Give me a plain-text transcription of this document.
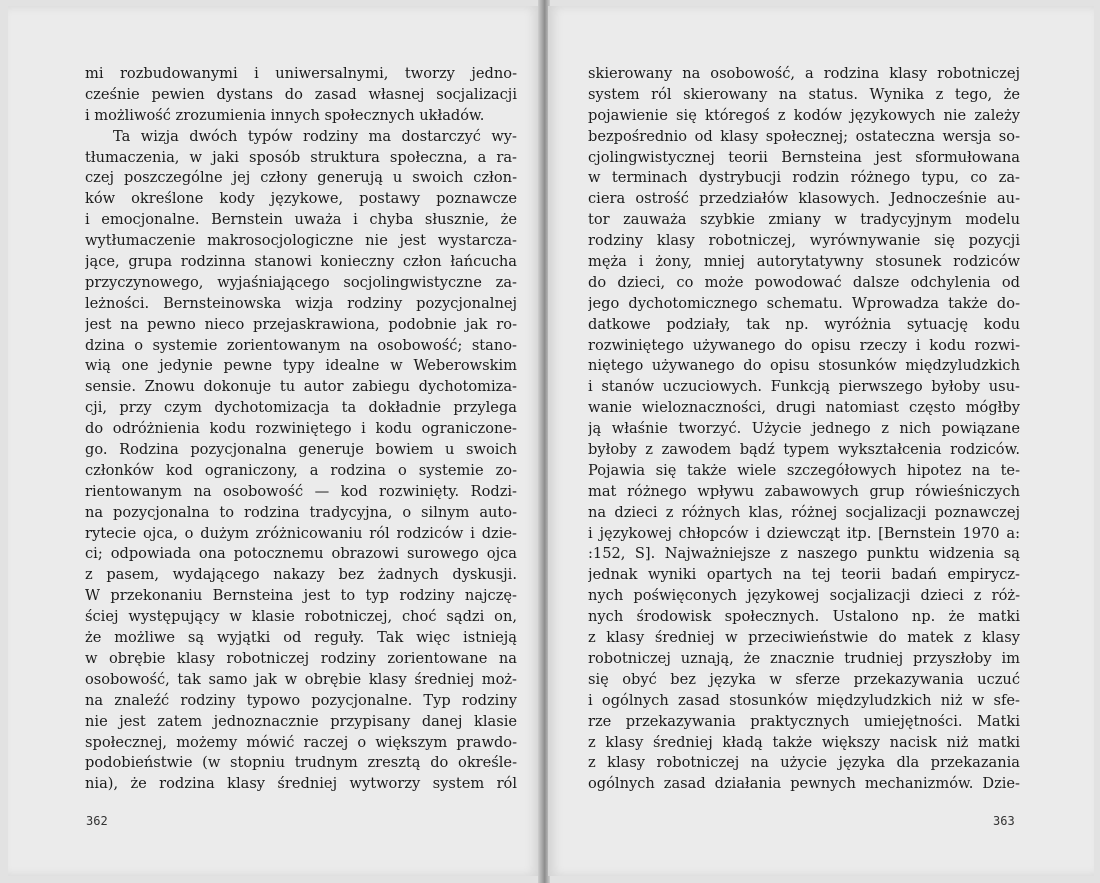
mi rozbudowanymi i uniwersalnymi, tworzy jedno-
cześnie pewien dystans do zasad własnej socjalizacji
i możliwość zrozumienia innych społecznych układów.
Ta wizja dwóch typów rodziny ma dostarczyć wy-
tłumaczenia, w jaki sposób struktura społeczna, a ra-
czej poszczególne jej człony generują u swoich człon-
ków określone kody językowe, postawy poznawcze
i emocjonalne. Bernstein uważa i chyba słusznie, że
wytłumaczenie makrosocjologiczne nie jest wystarcza-
jące, grupa rodzinna stanowi konieczny człon łańcucha
przyczynowego, wyjaśniającego socjolingwistyczne za-
leżności. Bernsteinowska wizja rodziny pozycjonalnej
jest na pewno nieco przejaskrawiona, podobnie jak ro-
dzina o systemie zorientowanym na osobowość; stano-
wią one jedynie pewne typy idealne w Weberowskim
sensie. Znowu dokonuje tu autor zabiegu dychotomiza-
cji, przy czym dychotomizacja ta dokładnie przylega
do odróżnienia kodu rozwiniętego i kodu ograniczone-
go. Rodzina pozycjonalna generuje bowiem u swoich
członków kod ograniczony, a rodzina o systemie zo-
rientowanym na osobowość — kod rozwinięty. Rodzi-
na pozycjonalna to rodzina tradycyjna, o silnym auto-
rytecie ojca, o dużym zróżnicowaniu ról rodziców i dzie-
ci; odpowiada ona potocznemu obrazowi surowego ojca
z pasem, wydającego nakazy bez żadnych dyskusji.
W przekonaniu Bernsteina jest to typ rodziny najczę-
ściej występujący w klasie robotniczej, choć sądzi on,
że możliwe są wyjątki od reguły. Tak więc istnieją
w obrębie klasy robotniczej rodziny zorientowane na
osobowość, tak samo jak w obrębie klasy średniej moż-
na znaleźć rodziny typowo pozycjonalne. Typ rodziny
nie jest zatem jednoznacznie przypisany danej klasie
społecznej, możemy mówić raczej o większym prawdo-
podobieństwie (w stopniu trudnym zresztą do określe-
nia), że rodzina klasy średniej wytworzy system ról
362
skierowany na osobowość, a rodzina klasy robotniczej
system ról skierowany na status. Wynika z tego, że
pojawienie się któregoś z kodów językowych nie zależy
bezpośrednio od klasy społecznej; ostateczna wersja so-
cjolingwistycznej teorii Bernsteina jest sformułowana
w terminach dystrybucji rodzin różnego typu, co za-
ciera ostrość przedziałów klasowych. Jednocześnie au-
tor zauważa szybkie zmiany w tradycyjnym modelu
rodziny klasy robotniczej, wyrównywanie się pozycji
męża i żony, mniej autorytatywny stosunek rodziców
do dzieci, co może powodować dalsze odchylenia od
jego dychotomicznego schematu. Wprowadza także do-
datkowe podziały, tak np. wyróżnia sytuację kodu
rozwiniętego używanego do opisu rzeczy i kodu rozwi-
niętego używanego do opisu stosunków międzyludzkich
i stanów uczuciowych. Funkcją pierwszego byłoby usu-
wanie wieloznaczności, drugi natomiast często mógłby
ją właśnie tworzyć. Użycie jednego z nich powiązane
byłoby z zawodem bądź typem wykształcenia rodziców.
Pojawia się także wiele szczegółowych hipotez na te-
mat różnego wpływu zabawowych grup rówieśniczych
na dzieci z różnych klas, różnej socjalizacji poznawczej
i językowej chłopców i dziewcząt itp. [Bernstein 1970 a:
:152, S]. Najważniejsze z naszego punktu widzenia są
jednak wyniki opartych na tej teorii badań empirycz-
nych poświęconych językowej socjalizacji dzieci z róż-
nych środowisk społecznych. Ustalono np. że matki
z klasy średniej w przeciwieństwie do matek z klasy
robotniczej uznają, że znacznie trudniej przyszłoby im
się obyć bez języka w sferze przekazywania uczuć
i ogólnych zasad stosunków międzyludzkich niż w sfe-
rze przekazywania praktycznych umiejętności. Matki
z klasy średniej kładą także większy nacisk niż matki
z klasy robotniczej na użycie języka dla przekazania
ogólnych zasad działania pewnych mechanizmów. Dzie-
363
